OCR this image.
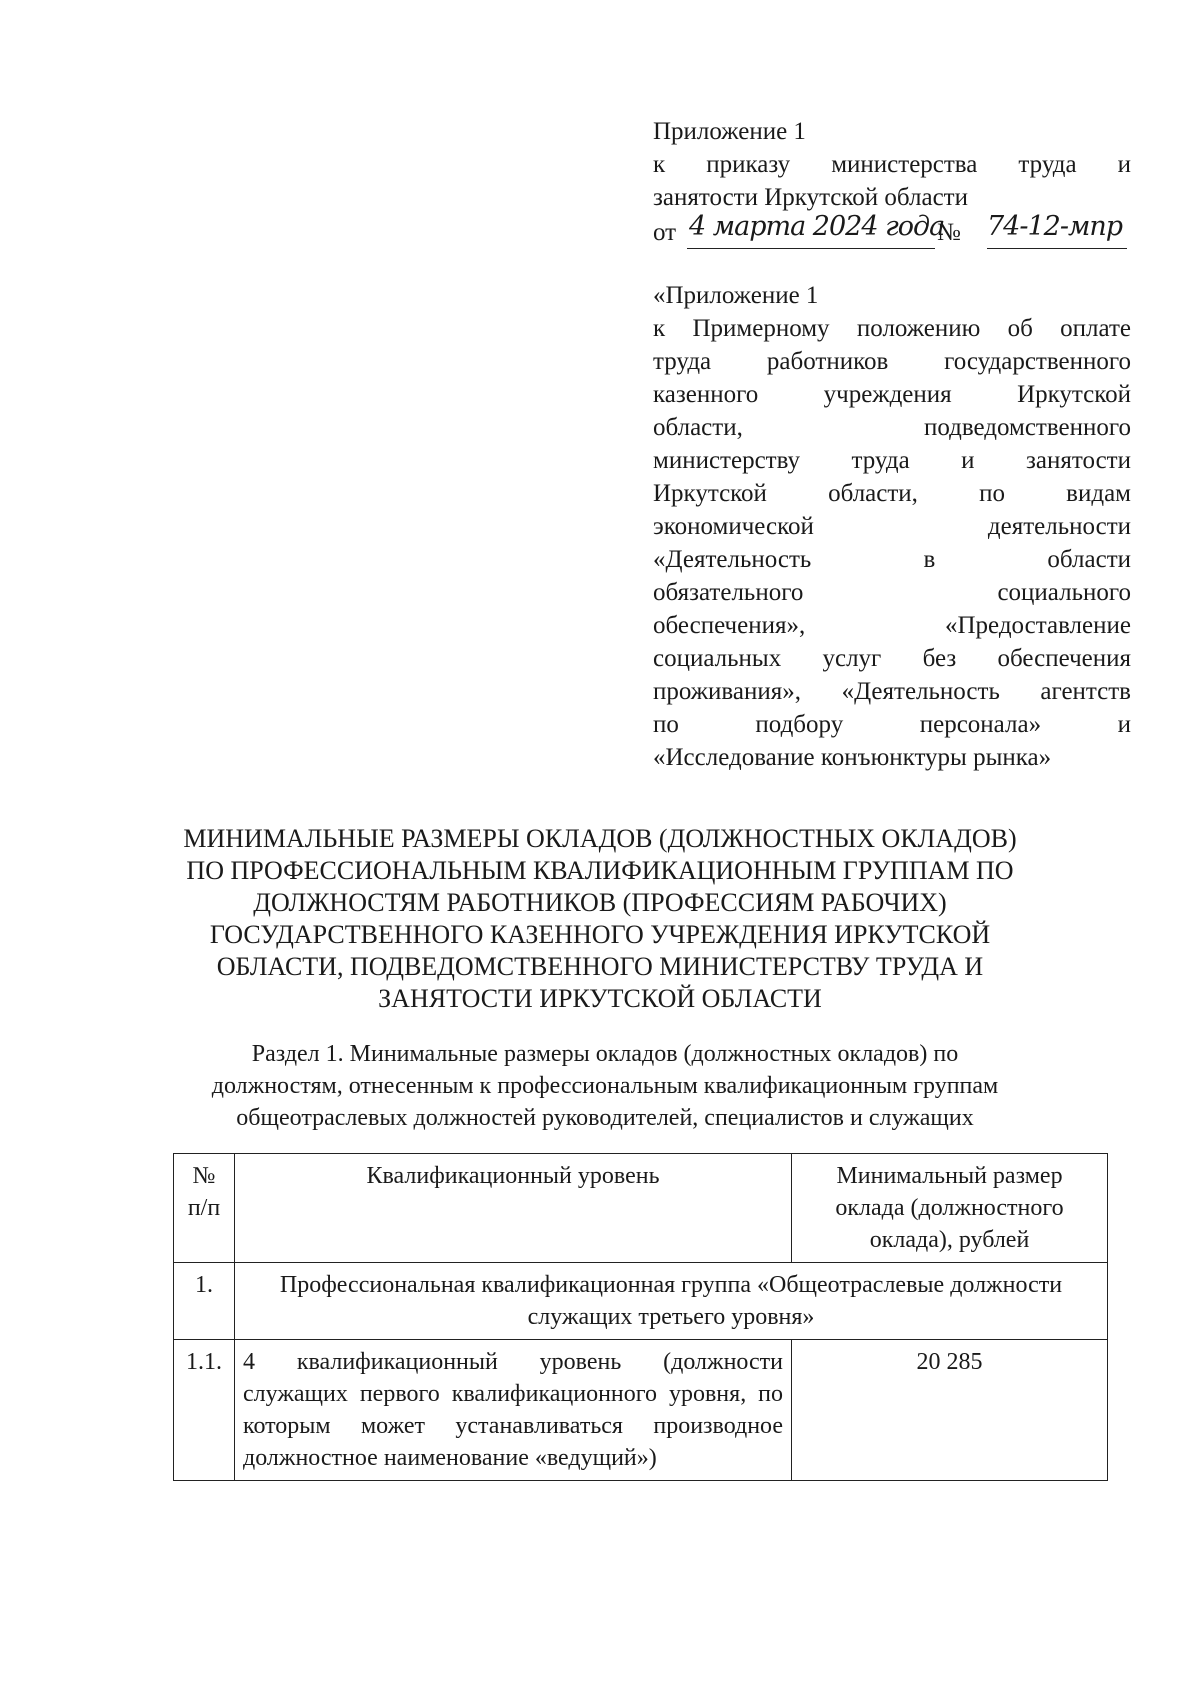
Приложение 1
к приказу министерства труда и
занятости Иркутской области
от 4 марта 2024 года
№ 74-12-мпр
«Приложение 1
к Примерному положению об оплате
труда работников государственного
казенного учреждения Иркутской
области, подведомственного
министерству труда и занятости
Иркутской области, по видам
экономической деятельности
«Деятельность в области
обязательного социального
обеспечения», «Предоставление
социальных услуг без обеспечения
проживания», «Деятельность агентств
по подбору персонала» и
«Исследование конъюнктуры рынка»
МИНИМАЛЬНЫЕ РАЗМЕРЫ ОКЛАДОВ (ДОЛЖНОСТНЫХ ОКЛАДОВ)
ПО ПРОФЕССИОНАЛЬНЫМ КВАЛИФИКАЦИОННЫМ ГРУППАМ ПО
ДОЛЖНОСТЯМ РАБОТНИКОВ (ПРОФЕССИЯМ РАБОЧИХ)
ГОСУДАРСТВЕННОГО КАЗЕННОГО УЧРЕЖДЕНИЯ ИРКУТСКОЙ
ОБЛАСТИ, ПОДВЕДОМСТВЕННОГО МИНИСТЕРСТВУ ТРУДА И
ЗАНЯТОСТИ ИРКУТСКОЙ ОБЛАСТИ
Раздел 1. Минимальные размеры окладов (должностных окладов) по
должностям, отнесенным к профессиональным квалификационным группам
общеотраслевых должностей руководителей, специалистов и служащих
№ п/п	Квалификационный уровень	Минимальный размер оклада (должностного оклада), рублей
1.	Профессиональная квалификационная группа «Общеотраслевые должности служащих третьего уровня»	
1.1.	4 квалификационный уровень (должности служащих первого квалификационного уровня, по которым может устанавливаться производное должностное наименование «ведущий»)	20 285
